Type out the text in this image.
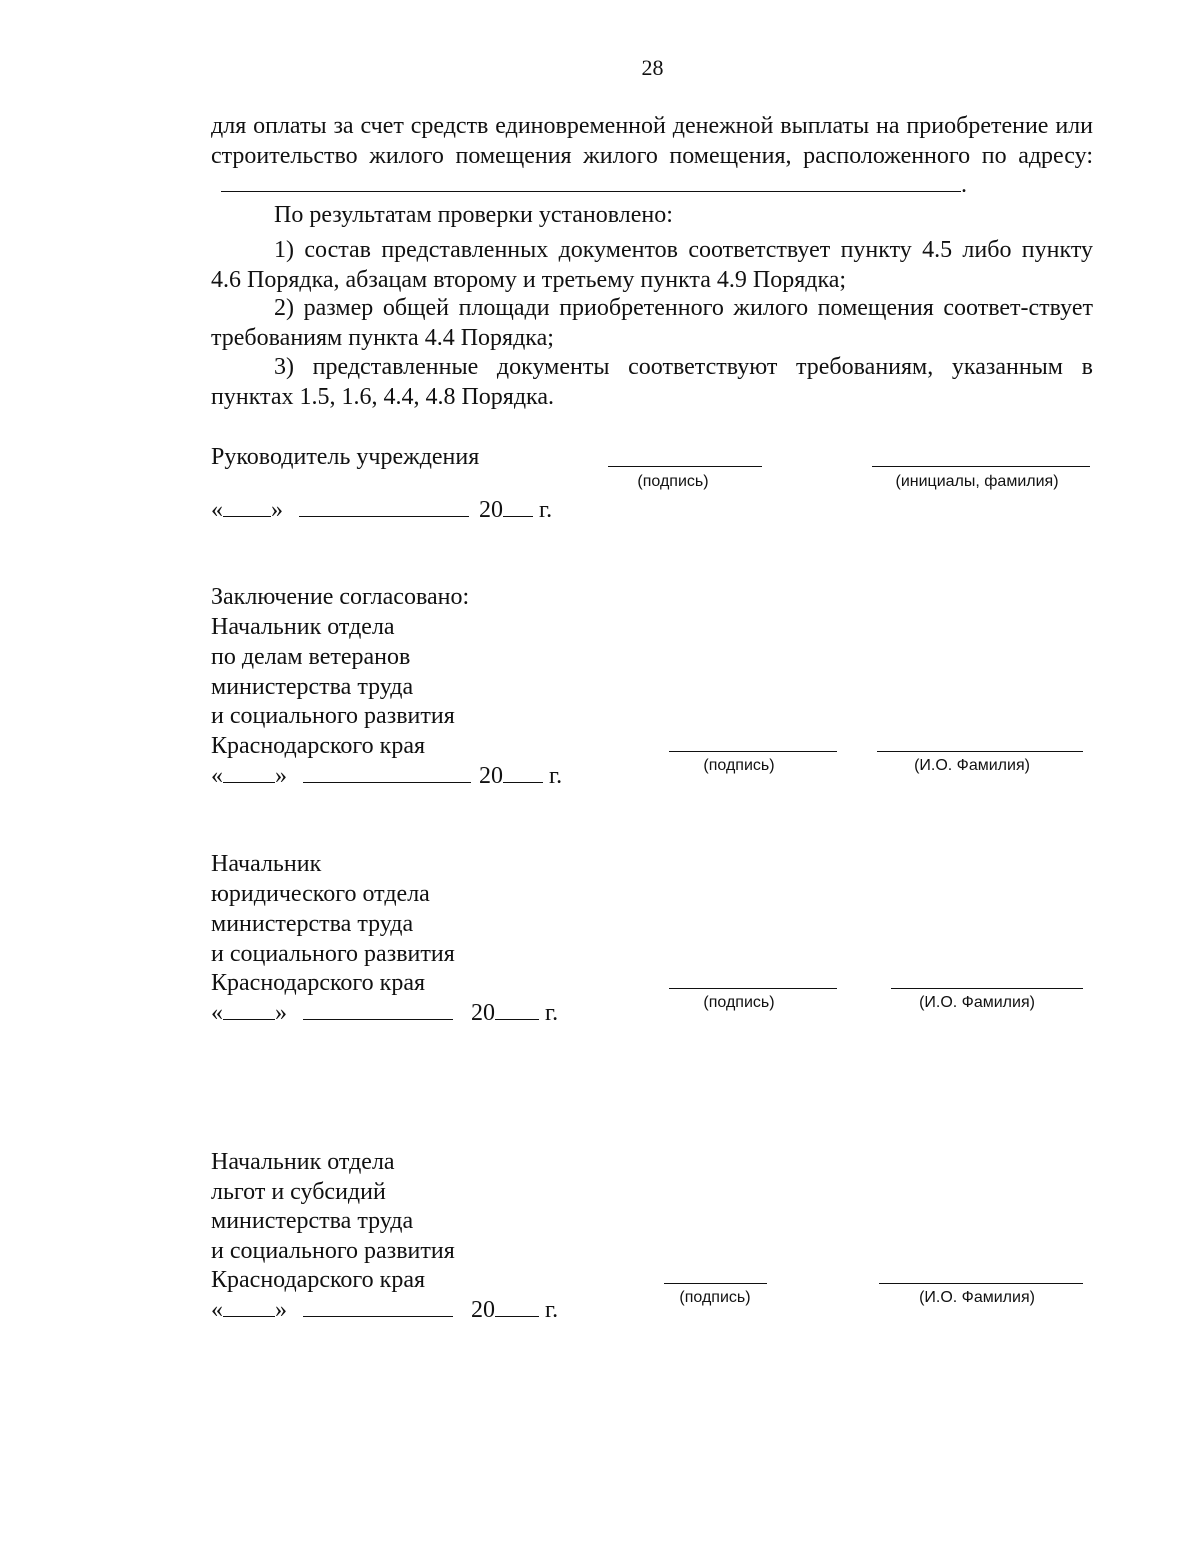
28

для оплаты за счет средств единовременной денежной выплаты на приобретение или строительство жилого помещения жилого помещения, расположенного по адресу:.

По результатам проверки установлено:

1) состав представленных документов соответствует пункту 4.5 либо пункту 4.6 Порядка, абзацам второму и третьему пункта 4.9 Порядка;

2) размер общей площади приобретенного жилого помещения соответ-ствует требованиям пункта 4.4 Порядка;

3) представленные документы соответствуют требованиям, указанным в пунктах 1.5, 1.6, 4.4, 4.8 Порядка.

Руководитель учреждения
(подпись)	(инициалы, фамилия)
« »	20 г.
Заключение согласовано:
Начальник отдела
по делам ветеранов
министерства труда
и социального развития
Краснодарского края
« »	20 г.	(подпись)	(И.О. Фамилия)
Начальник
юридического отдела
министерства труда
и социального развития
Краснодарского края
« »	20 г.	(подпись)	(И.О. Фамилия)
Начальник отдела
льгот и субсидий
министерства труда
и социального развития
Краснодарского края
« »	20 г.	(подпись)	(И.О. Фамилия)
